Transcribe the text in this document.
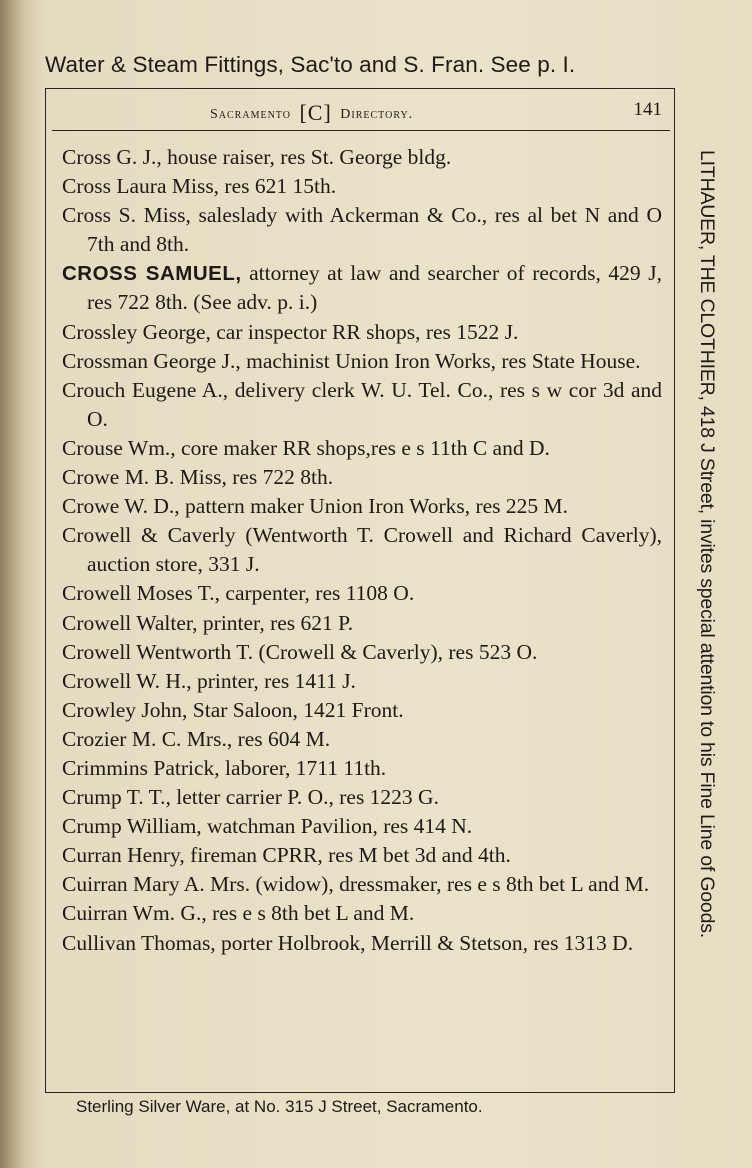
Water & Steam Fittings, Sac'to and S. Fran. See p. I.
Sacramento [C] Directory.	141
LITHAUER, THE CLOTHIER, 418 J Street, invites special attention to his Fine Line of Goods.
Cross G. J., house raiser, res St. George bldg.
Cross Laura Miss, res 621 15th.
Cross S. Miss, saleslady with Ackerman & Co., res al bet N and O 7th and 8th.
CROSS SAMUEL, attorney at law and searcher of records, 429 J, res 722 8th. (See adv. p. i.)
Crossley George, car inspector RR shops, res 1522 J.
Crossman George J., machinist Union Iron Works, res State House.
Crouch Eugene A., delivery clerk W. U. Tel. Co., res s w cor 3d and O.
Crouse Wm., core maker RR shops,res e s 11th C and D.
Crowe M. B. Miss, res 722 8th.
Crowe W. D., pattern maker Union Iron Works, res 225 M.
Crowell & Caverly (Wentworth T. Crowell and Richard Caverly), auction store, 331 J.
Crowell Moses T., carpenter, res 1108 O.
Crowell Walter, printer, res 621 P.
Crowell Wentworth T. (Crowell & Caverly), res 523 O.
Crowell W. H., printer, res 1411 J.
Crowley John, Star Saloon, 1421 Front.
Crozier M. C. Mrs., res 604 M.
Crimmins Patrick, laborer, 1711 11th.
Crump T. T., letter carrier P. O., res 1223 G.
Crump William, watchman Pavilion, res 414 N.
Curran Henry, fireman CPRR, res M bet 3d and 4th.
Cuirran Mary A. Mrs. (widow), dressmaker, res e s 8th bet L and M.
Cuirran Wm. G., res e s 8th bet L and M.
Cullivan Thomas, porter Holbrook, Merrill & Stetson, res 1313 D.
Sterling Silver Ware, at No. 315 J Street, Sacramento.
